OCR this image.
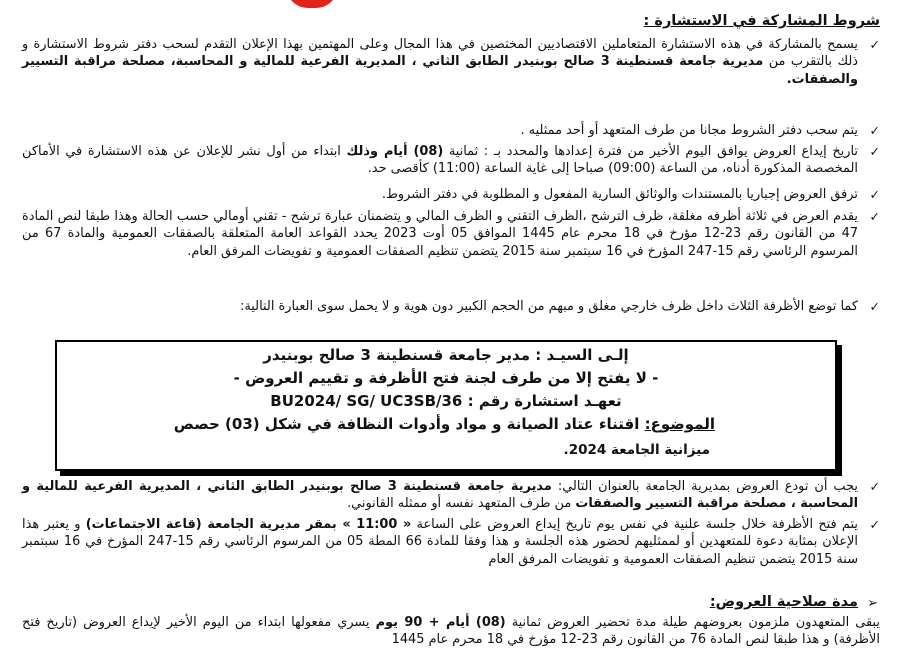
شروط المشاركة في الاستشارة :
✓
يسمح بالمشاركة في هذه الاستشارة المتعاملين الاقتصاديين المختصين في هذا المجال وعلى المهتمين بهذا الإعلان التقدم لسحب دفتر شروط الاستشارة و ذلك بالتقرب من مديرية جامعة قسنطينة 3 صالح بوبنيدر الطابق الثاني ، المديرية الفرعية للمالية و المحاسبة، مصلحة مراقبة التسيير والصفقات.
✓
يتم سحب دفتر الشروط مجانا من طرف المتعهد أو أحد ممثليه .
✓
تاريخ إيداع العروض يوافق اليوم الأخير من فترة إعدادها والمحدد بـ : ثمانية (08) أيام وذلك ابتداء من أول نشر للإعلان عن هذه الاستشارة في الأماكن المخصصة المذكورة أدناه، من الساعة (09:00) صباحا إلى غاية الساعة (11:00) كأقصى حد.
✓
ترفق العروض إجباريا بالمستندات والوثائق السارية المفعول و المطلوبة في دفتر الشروط.
✓
يقدم العرض في ثلاثة أظرفه مغلقة، ظرف الترشح ،الظرف التقني و الظرف المالي و يتضمنان عبارة ترشح - تقني أومالي حسب الحالة وهذا طبقا لنص المادة 47 من القانون رقم 23-12 مؤرخ في 18 محرم عام 1445 الموافق 05 أوت 2023 يحدد القواعد العامة المتعلقة بالصفقات العمومية والمادة 67 من المرسوم الرئاسي رقم 15-247 المؤرخ في 16 سبتمبر سنة 2015 يتضمن تنظيم الصفقات العمومية و تفويضات المرفق العام.
✓
كما توضع الأظرفة الثلاث داخل ظرف خارجي مغلق و مبهم من الحجم الكبير دون هوية و لا يحمل سوى العبارة التالية:
إلـى السيـد : مدير جامعة قسنطينة 3 صالح بوبنيدر
- لا يفتح إلا من طرف لجنة فتح الأظرفة و تقييم العروض -
تعهـد استشارة رقم : BU2024/ SG/ UC3SB/36
الموضوع: اقتناء عتاد الصيانة و مواد وأدوات النظافة في شكل (03) حصص
ميزانية الجامعة 2024.
✓
يجب أن تودع العروض بمديرية الجامعة بالعنوان التالي: مديرية جامعة قسنطينة 3 صالح بوبنيدر الطابق الثاني ، المديرية الفرعية للمالية و المحاسبة ، مصلحة مراقبة التسيير والصفقات من طرف المتعهد نفسه أو ممثله القانوني.
✓
يتم فتح الأظرفة خلال جلسة علنية في نفس يوم تاريخ إيداع العروض على الساعة « 11:00 » بمقر مديرية الجامعة (قاعة الاجتماعات) و يعتبر هذا الإعلان بمثابة دعوة للمتعهدين أو لممثليهم لحضور هذه الجلسة و هذا وفقا للمادة 66 المطة 05 من المرسوم الرئاسي رقم 15-247 المؤرخ في 16 سبتمبر سنة 2015 يتضمن تنظيم الصفقات العمومية و تفويضات المرفق العام
➢
مدة صلاحية العروض:
يبقى المتعهدون ملزمون بعروضهم طيلة مدة تحضير العروض ثمانية (08) أيام + 90 يوم يسري مفعولها ابتداء من اليوم الأخير لإيداع العروض (تاريخ فتح الأظرفة) و هذا طبقا لنص المادة 76 من القانون رقم 23-12 مؤرخ في 18 محرم عام 1445
